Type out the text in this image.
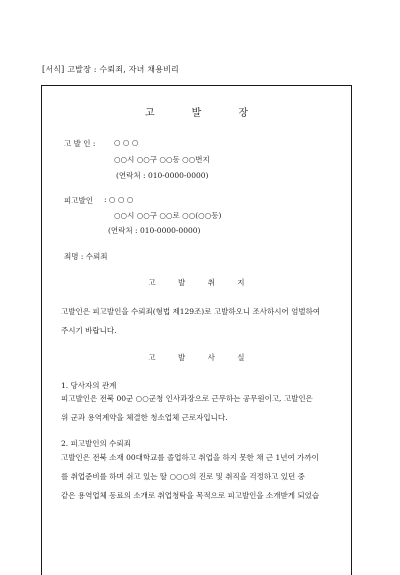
[서식] 고발장 : 수뢰죄, 자녀 채용비리
고 발 장
고 발 인 : ○ ○ ○
○○시 ○○구 ○○동 ○○번지
(연락처 : 010-0000-0000)
피고발인 : ○ ○ ○
○○시 ○○구 ○○로 ○○(○○동)
(연락처 : 010-0000-0000)
죄명 : 수뢰죄
고 발 취 지
고발인은 피고발인을 수뢰죄(형법 제129조)로 고발하오니 조사하시어 엄벌하여
주시기 바랍니다.
고 발 사 실
1. 당사자의 관계
피고발인은 전북 00군 ○○군청 인사과장으로 근무하는 공무원이고, 고발인은
위 군과 용역계약을 체결한 청소업체 근로자입니다.
2. 피고발인의 수뢰죄
고발인은 전북 소재 00대학교를 졸업하고 취업을 하지 못한 채 근 1년여 가까이
를 취업준비를 하며 쉬고 있는 딸 ○○○의 진로 및 취직을 걱정하고 있던 중
같은 용역업체 동료의 소개로 취업청탁을 목적으로 피고발인을 소개받게 되었습
